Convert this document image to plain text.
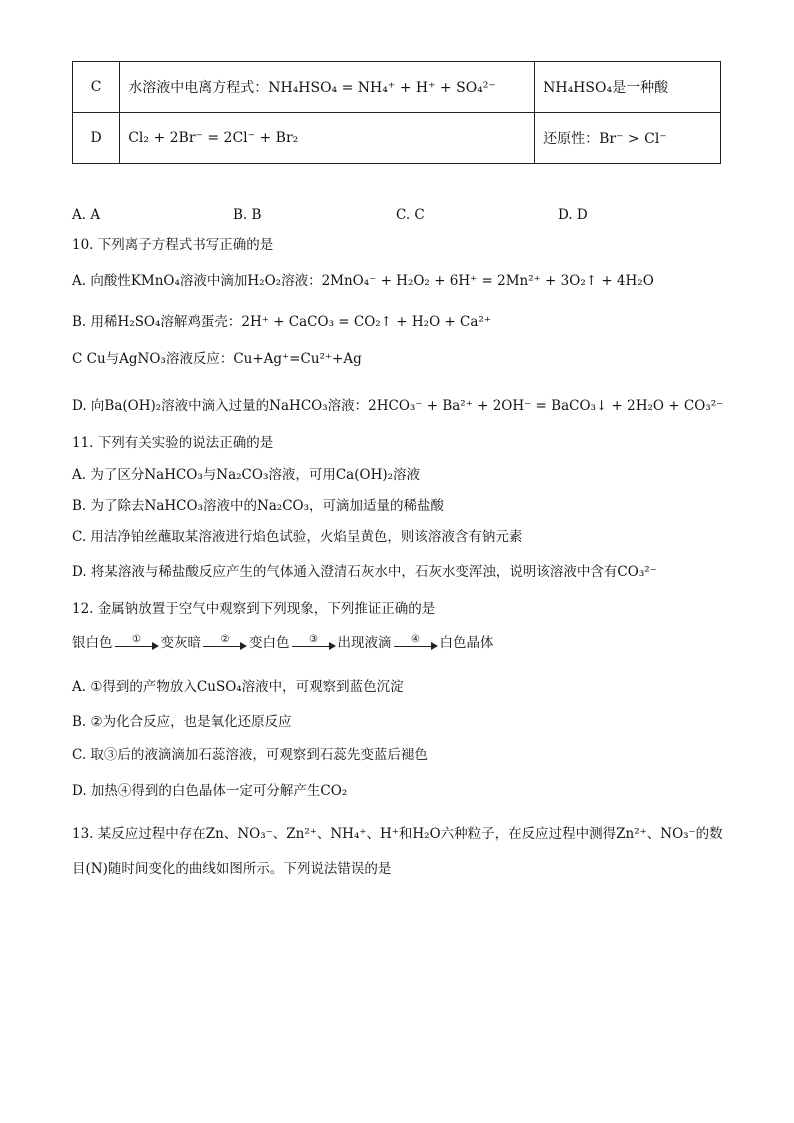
C	水溶液中电离方程式：NH₄HSO₄ = NH₄⁺ + H⁺ + SO₄²⁻	NH₄HSO₄是一种酸
D	Cl₂ + 2Br⁻ = 2Cl⁻ + Br₂	还原性：Br⁻ > Cl⁻
A. A	B. B	C. C	D. D
10. 下列离子方程式书写正确的是
A. 向酸性KMnO₄溶液中滴加H₂O₂溶液：2MnO₄⁻ + H₂O₂ + 6H⁺ = 2Mn²⁺ + 3O₂↑ + 4H₂O
B. 用稀H₂SO₄溶解鸡蛋壳：2H⁺ + CaCO₃ = CO₂↑ + H₂O + Ca²⁺
C Cu与AgNO₃溶液反应：Cu+Ag⁺=Cu²⁺+Ag
D. 向Ba(OH)₂溶液中滴入过量的NaHCO₃溶液：2HCO₃⁻ + Ba²⁺ + 2OH⁻ = BaCO₃↓ + 2H₂O + CO₃²⁻
11. 下列有关实验的说法正确的是
A. 为了区分NaHCO₃与Na₂CO₃溶液，可用Ca(OH)₂溶液
B. 为了除去NaHCO₃溶液中的Na₂CO₃，可滴加适量的稀盐酸
C. 用洁净铂丝蘸取某溶液进行焰色试验，火焰呈黄色，则该溶液含有钠元素
D. 将某溶液与稀盐酸反应产生的气体通入澄清石灰水中，石灰水变浑浊，说明该溶液中含有CO₃²⁻
12. 金属钠放置于空气中观察到下列现象，下列推证正确的是
银白色	①	变灰暗	②	变白色	③	出现液滴	④	白色晶体
A. ①得到的产物放入CuSO₄溶液中，可观察到蓝色沉淀
B. ②为化合反应，也是氧化还原反应
C. 取③后的液滴滴加石蕊溶液，可观察到石蕊先变蓝后褪色
D. 加热④得到的白色晶体一定可分解产生CO₂
13. 某反应过程中存在Zn、NO₃⁻、Zn²⁺、NH₄⁺、H⁺和H₂O六种粒子，在反应过程中测得Zn²⁺、NO₃⁻的数
目(N)随时间变化的曲线如图所示。下列说法错误的是
